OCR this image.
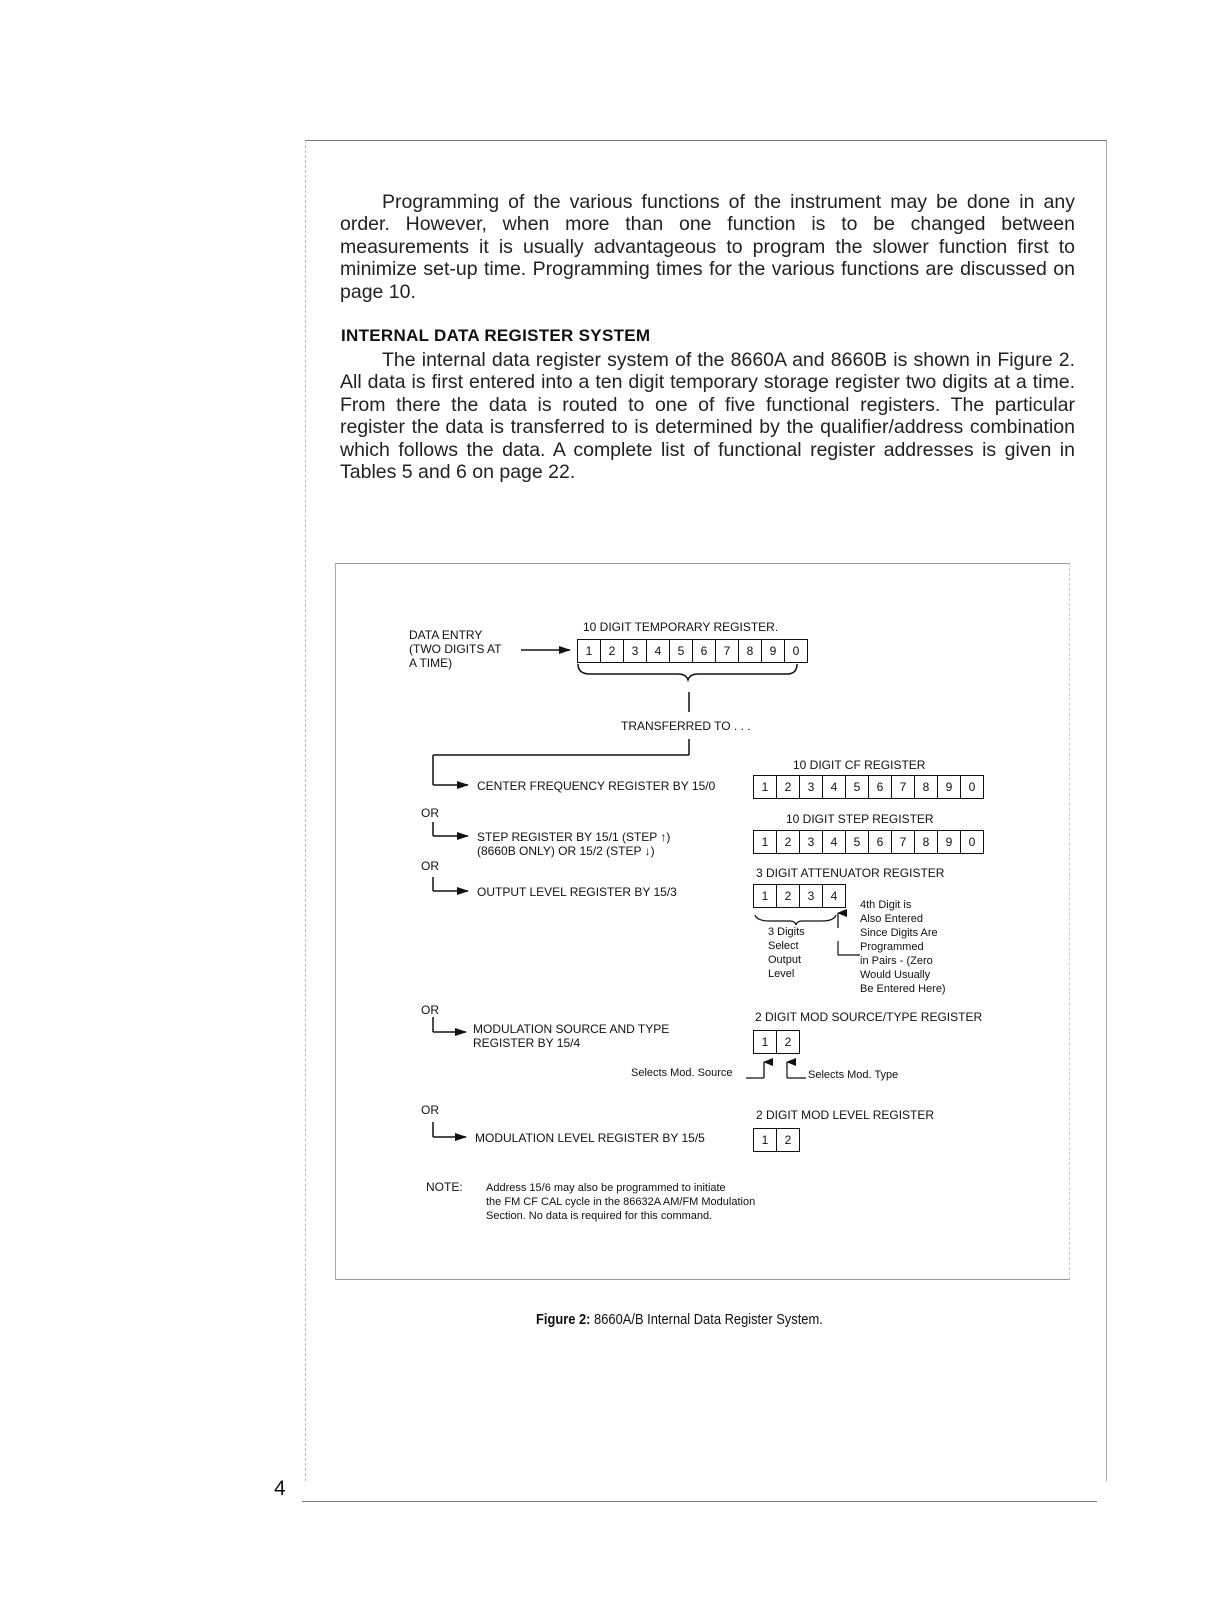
Programming of the various functions of the instrument may be done in any order. However, when more than one function is to be changed between measurements it is usually advantageous to program the slower function first to minimize set-up time. Programming times for the various functions are discussed on page 10.

INTERNAL DATA REGISTER SYSTEM

The internal data register system of the 8660A and 8660B is shown in Figure 2. All data is first entered into a ten digit temporary storage register two digits at a time. From there the data is routed to one of five functional registers. The particular register the data is transferred to is determined by the qualifier/address combination which follows the data. A complete list of functional register addresses is given in Tables 5 and 6 on page 22.

DATA ENTRY

(TWO DIGITS AT

A TIME)

10 DIGIT TEMPORARY REGISTER.

1	2	3	4	5	6	7	8	9	0

TRANSFERRED TO . . .

CENTER FREQUENCY REGISTER BY 15/0

10 DIGIT CF REGISTER

1	2	3	4	5	6	7	8	9	0

OR

STEP REGISTER BY 15/1 (STEP ↑)

(8660B ONLY) OR 15/2 (STEP ↓)

10 DIGIT STEP REGISTER

1	2	3	4	5	6	7	8	9	0

OR

OUTPUT LEVEL REGISTER BY 15/3

3 DIGIT ATTENUATOR REGISTER

1	2	3	4

3 Digits

Select

Output

Level

4th Digit is

Also Entered

Since Digits Are

Programmed

in Pairs - (Zero

Would Usually

Be Entered Here)

OR

MODULATION SOURCE AND TYPE

REGISTER BY 15/4

2 DIGIT MOD SOURCE/TYPE REGISTER

1	2

Selects Mod. Source	Selects Mod. Type

OR

MODULATION LEVEL REGISTER BY 15/5

2 DIGIT MOD LEVEL REGISTER

1	2

NOTE: Address 15/6 may also be programmed to initiate

the FM CF CAL cycle in the 86632A AM/FM Modulation

Section. No data is required for this command.

Figure 2: 8660A/B Internal Data Register System.

4
